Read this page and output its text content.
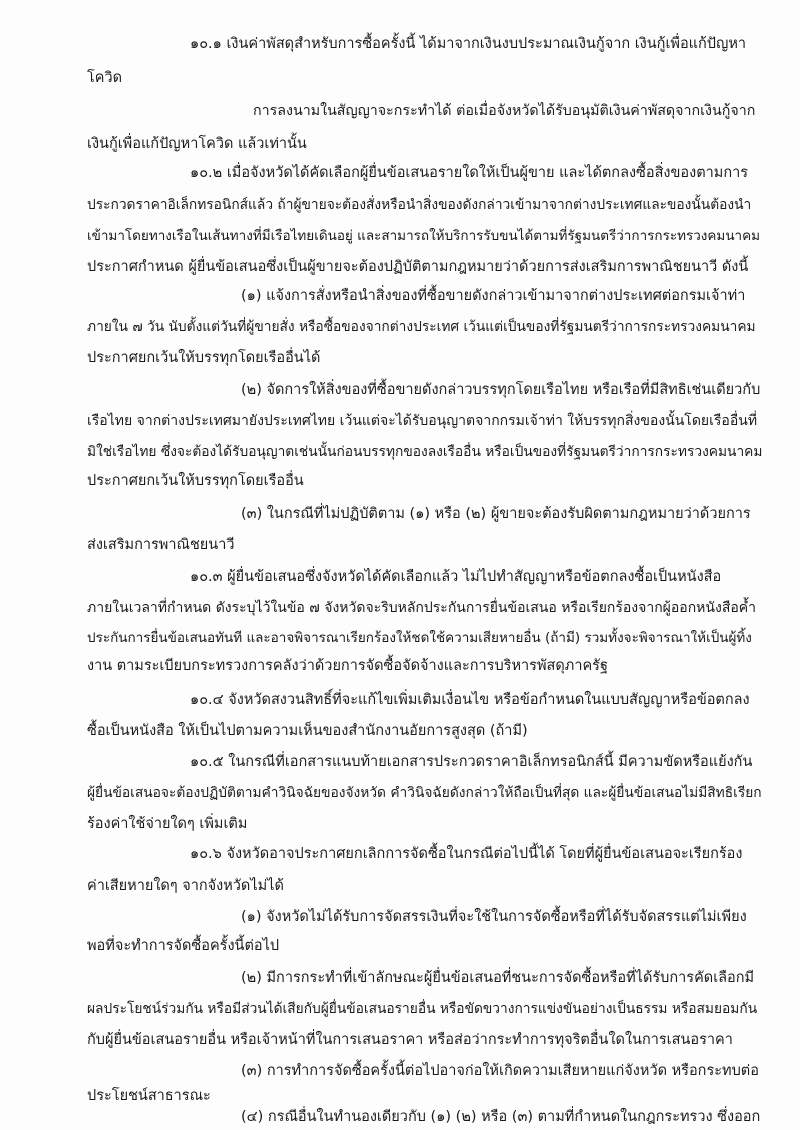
๑๐.๑ เงินค่าพัสดุสำหรับการซื้อครั้งนี้ ได้มาจากเงินงบประมาณเงินกู้จาก เงินกู้เพื่อแก้ปัญหา
โควิด
การลงนามในสัญญาจะกระทำได้ ต่อเมื่อจังหวัดได้รับอนุมัติเงินค่าพัสดุจากเงินกู้จาก
เงินกู้เพื่อแก้ปัญหาโควิด แล้วเท่านั้น
๑๐.๒ เมื่อจังหวัดได้คัดเลือกผู้ยื่นข้อเสนอรายใดให้เป็นผู้ขาย และได้ตกลงซื้อสิ่งของตามการ
ประกวดราคาอิเล็กทรอนิกส์แล้ว ถ้าผู้ขายจะต้องสั่งหรือนำสิ่งของดังกล่าวเข้ามาจากต่างประเทศและของนั้นต้องนำ
เข้ามาโดยทางเรือในเส้นทางที่มีเรือไทยเดินอยู่ และสามารถให้บริการรับขนได้ตามที่รัฐมนตรีว่าการกระทรวงคมนาคม
ประกาศกำหนด ผู้ยื่นข้อเสนอซึ่งเป็นผู้ขายจะต้องปฏิบัติตามกฎหมายว่าด้วยการส่งเสริมการพาณิชยนาวี ดังนี้
(๑) แจ้งการสั่งหรือนำสิ่งของที่ซื้อขายดังกล่าวเข้ามาจากต่างประเทศต่อกรมเจ้าท่า
ภายใน ๗ วัน นับตั้งแต่วันที่ผู้ขายสั่ง หรือซื้อของจากต่างประเทศ เว้นแต่เป็นของที่รัฐมนตรีว่าการกระทรวงคมนาคม
ประกาศยกเว้นให้บรรทุกโดยเรืออื่นได้
(๒) จัดการให้สิ่งของที่ซื้อขายดังกล่าวบรรทุกโดยเรือไทย หรือเรือที่มีสิทธิเช่นเดียวกับ
เรือไทย จากต่างประเทศมายังประเทศไทย เว้นแต่จะได้รับอนุญาตจากกรมเจ้าท่า ให้บรรทุกสิ่งของนั้นโดยเรืออื่นที่
มิใช่เรือไทย ซึ่งจะต้องได้รับอนุญาตเช่นนั้นก่อนบรรทุกของลงเรืออื่น หรือเป็นของที่รัฐมนตรีว่าการกระทรวงคมนาคม
ประกาศยกเว้นให้บรรทุกโดยเรืออื่น
(๓) ในกรณีที่ไม่ปฏิบัติตาม (๑) หรือ (๒) ผู้ขายจะต้องรับผิดตามกฎหมายว่าด้วยการ
ส่งเสริมการพาณิชยนาวี
๑๐.๓ ผู้ยื่นข้อเสนอซึ่งจังหวัดได้คัดเลือกแล้ว ไม่ไปทำสัญญาหรือข้อตกลงซื้อเป็นหนังสือ
ภายในเวลาที่กำหนด ดังระบุไว้ในข้อ ๗ จังหวัดจะริบหลักประกันการยื่นข้อเสนอ หรือเรียกร้องจากผู้ออกหนังสือค้ำ
ประกันการยื่นข้อเสนอทันที และอาจพิจารณาเรียกร้องให้ชดใช้ความเสียหายอื่น (ถ้ามี) รวมทั้งจะพิจารณาให้เป็นผู้ทิ้ง
งาน ตามระเบียบกระทรวงการคลังว่าด้วยการจัดซื้อจัดจ้างและการบริหารพัสดุภาครัฐ
๑๐.๔ จังหวัดสงวนสิทธิ์ที่จะแก้ไขเพิ่มเติมเงื่อนไข หรือข้อกำหนดในแบบสัญญาหรือข้อตกลง
ซื้อเป็นหนังสือ ให้เป็นไปตามความเห็นของสำนักงานอัยการสูงสุด (ถ้ามี)
๑๐.๕ ในกรณีที่เอกสารแนบท้ายเอกสารประกวดราคาอิเล็กทรอนิกส์นี้ มีความขัดหรือแย้งกัน
ผู้ยื่นข้อเสนอจะต้องปฏิบัติตามคำวินิจฉัยของจังหวัด คำวินิจฉัยดังกล่าวให้ถือเป็นที่สุด และผู้ยื่นข้อเสนอไม่มีสิทธิเรียก
ร้องค่าใช้จ่ายใดๆ เพิ่มเติม
๑๐.๖ จังหวัดอาจประกาศยกเลิกการจัดซื้อในกรณีต่อไปนี้ได้ โดยที่ผู้ยื่นข้อเสนอจะเรียกร้อง
ค่าเสียหายใดๆ จากจังหวัดไม่ได้
(๑) จังหวัดไม่ได้รับการจัดสรรเงินที่จะใช้ในการจัดซื้อหรือที่ได้รับจัดสรรแต่ไม่เพียง
พอที่จะทำการจัดซื้อครั้งนี้ต่อไป
(๒) มีการกระทำที่เข้าลักษณะผู้ยื่นข้อเสนอที่ชนะการจัดซื้อหรือที่ได้รับการคัดเลือกมี
ผลประโยชน์ร่วมกัน หรือมีส่วนได้เสียกับผู้ยื่นข้อเสนอรายอื่น หรือขัดขวางการแข่งขันอย่างเป็นธรรม หรือสมยอมกัน
กับผู้ยื่นข้อเสนอรายอื่น หรือเจ้าหน้าที่ในการเสนอราคา หรือส่อว่ากระทำการทุจริตอื่นใดในการเสนอราคา
(๓) การทำการจัดซื้อครั้งนี้ต่อไปอาจก่อให้เกิดความเสียหายแก่จังหวัด หรือกระทบต่อ
ประโยชน์สาธารณะ
(๔) กรณีอื่นในทำนองเดียวกับ (๑) (๒) หรือ (๓) ตามที่กำหนดในกฎกระทรวง ซึ่งออก
